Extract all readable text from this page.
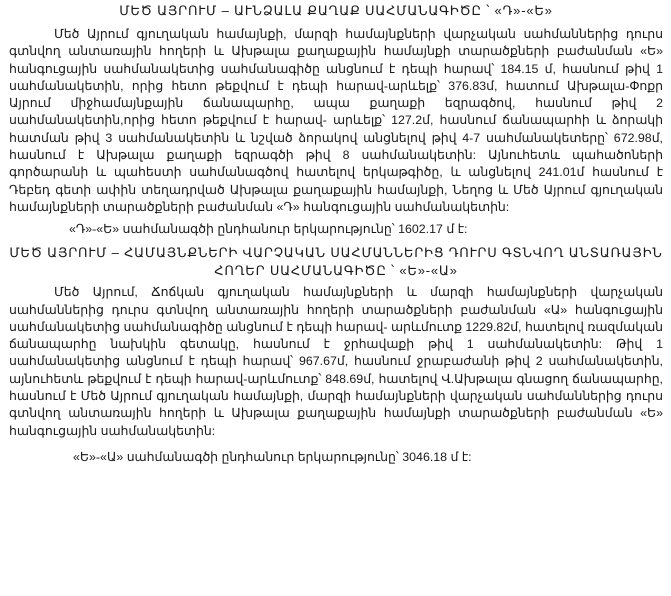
ՄԵԾ ԱՅՐՈՒՄ – ԱՒՆՁԱԼԱ ՔԱՂԱՔ ՍԱՀՄԱՆԱԳԻԾԸ ՝ «Դ»-«Ե»

Մեծ Այրում գյուղական համայնքի, մարզի համայնքների վարչական սահմաններից դուրս գտնվող անտառային հողերի և Ախթալա քաղաքային համայնքի տարածքների բաժանման «Ե» հանգուցային սահմանակետից սահմանագիծը անցնում է դեպի հարավ՝ 184.15 մ, հասնում թիվ 1 սահմանակետին, որից հետո թեքվում է դեպի հարավ-արևելք՝ 376.83մ, հատում Ախթալա-Փոքր Այրում միջհամայնքային ճանապարհը, ապա քաղաքի եզրագծով, հասնում թիվ 2 սահմանակետին,որից հետո թեքվում է հարավ- արևելք՝ 127.2մ, հասնում ճանապարհի և ձորակի հատման թիվ 3 սահմանակետին և նշված ձորակով անցնելով թիվ 4-7 սահմանակետերը՝ 672.98մ, հասնում է Ախթալա քաղաքի եզրագծի թիվ 8 սահմանակետին: Այնուհետև պահածոների գործարանի և պահեստի սահմանագծով հատելով երկաթգիծը, և անցնելով 241.01մ հասնում է Դեբեդ գետի ափին տեղադրված Ախթալա քաղաքային համայնքի, Նեղոց և Մեծ Այրում գյուղական համայնքների տարածքների բաժանման «Դ» հանգուցային սահմանակետին:

«Դ»-«Ե» սահմանագծի ընդհանուր երկարությունը՝ 1602.17 մ է:
ՄԵԾ ԱՅՐՈՒՄ – ՀԱՄԱՅՆՔՆԵՐԻ ՎԱՐՉԱԿԱՆ ՍԱՀՄԱՆՆԵՐԻՑ ԴՈՒՐՍ ԳՏՆՎՈՂ ԱՆՏԱՌԱՅԻՆ
ՀՈՂԵՐ ՍԱՀՄԱՆԱԳԻԾԸ ՝ «Ե»-«Ա»

Մեծ Այրում, Ճոճկան գյուղական համայնքների և մարզի համայնքների վարչական սահմաններից դուրս գտնվող անտառային հողերի տարածքների բաժանման «Ա» հանգուցային սահմանակետից սահմանագիծը անցնում է դեպի հարավ- արևմուտք 1229.82մ, հատելով ռազմական ճանապարհը նախկին գետակը, հասնում է ջրհավաքի թիվ 1 սահմանակետին: Թիվ 1 սահմանակետից անցնում է դեպի հարավ՝ 967.67մ, հասնում ջրաբաժանի թիվ 2 սահմանակետին, այնուհետև թեքվում է դեպի հարավ-արևմուտք՝ 848.69մ, հատելով Վ.Ախթալա գնացող ճանապարհը, հասնում է Մեծ Այրում գյուղական համայնքի, մարզի համայնքների վարչական սահմաններից դուրս գտնվող անտառային հողերի և Ախթալա քաղաքային համայնքի տարածքների բաժանման «Ե» հանգուցային սահմանակետին:

«Ե»-«Ա» սահմանագծի ընդհանուր երկարությունը՝ 3046.18 մ է:
